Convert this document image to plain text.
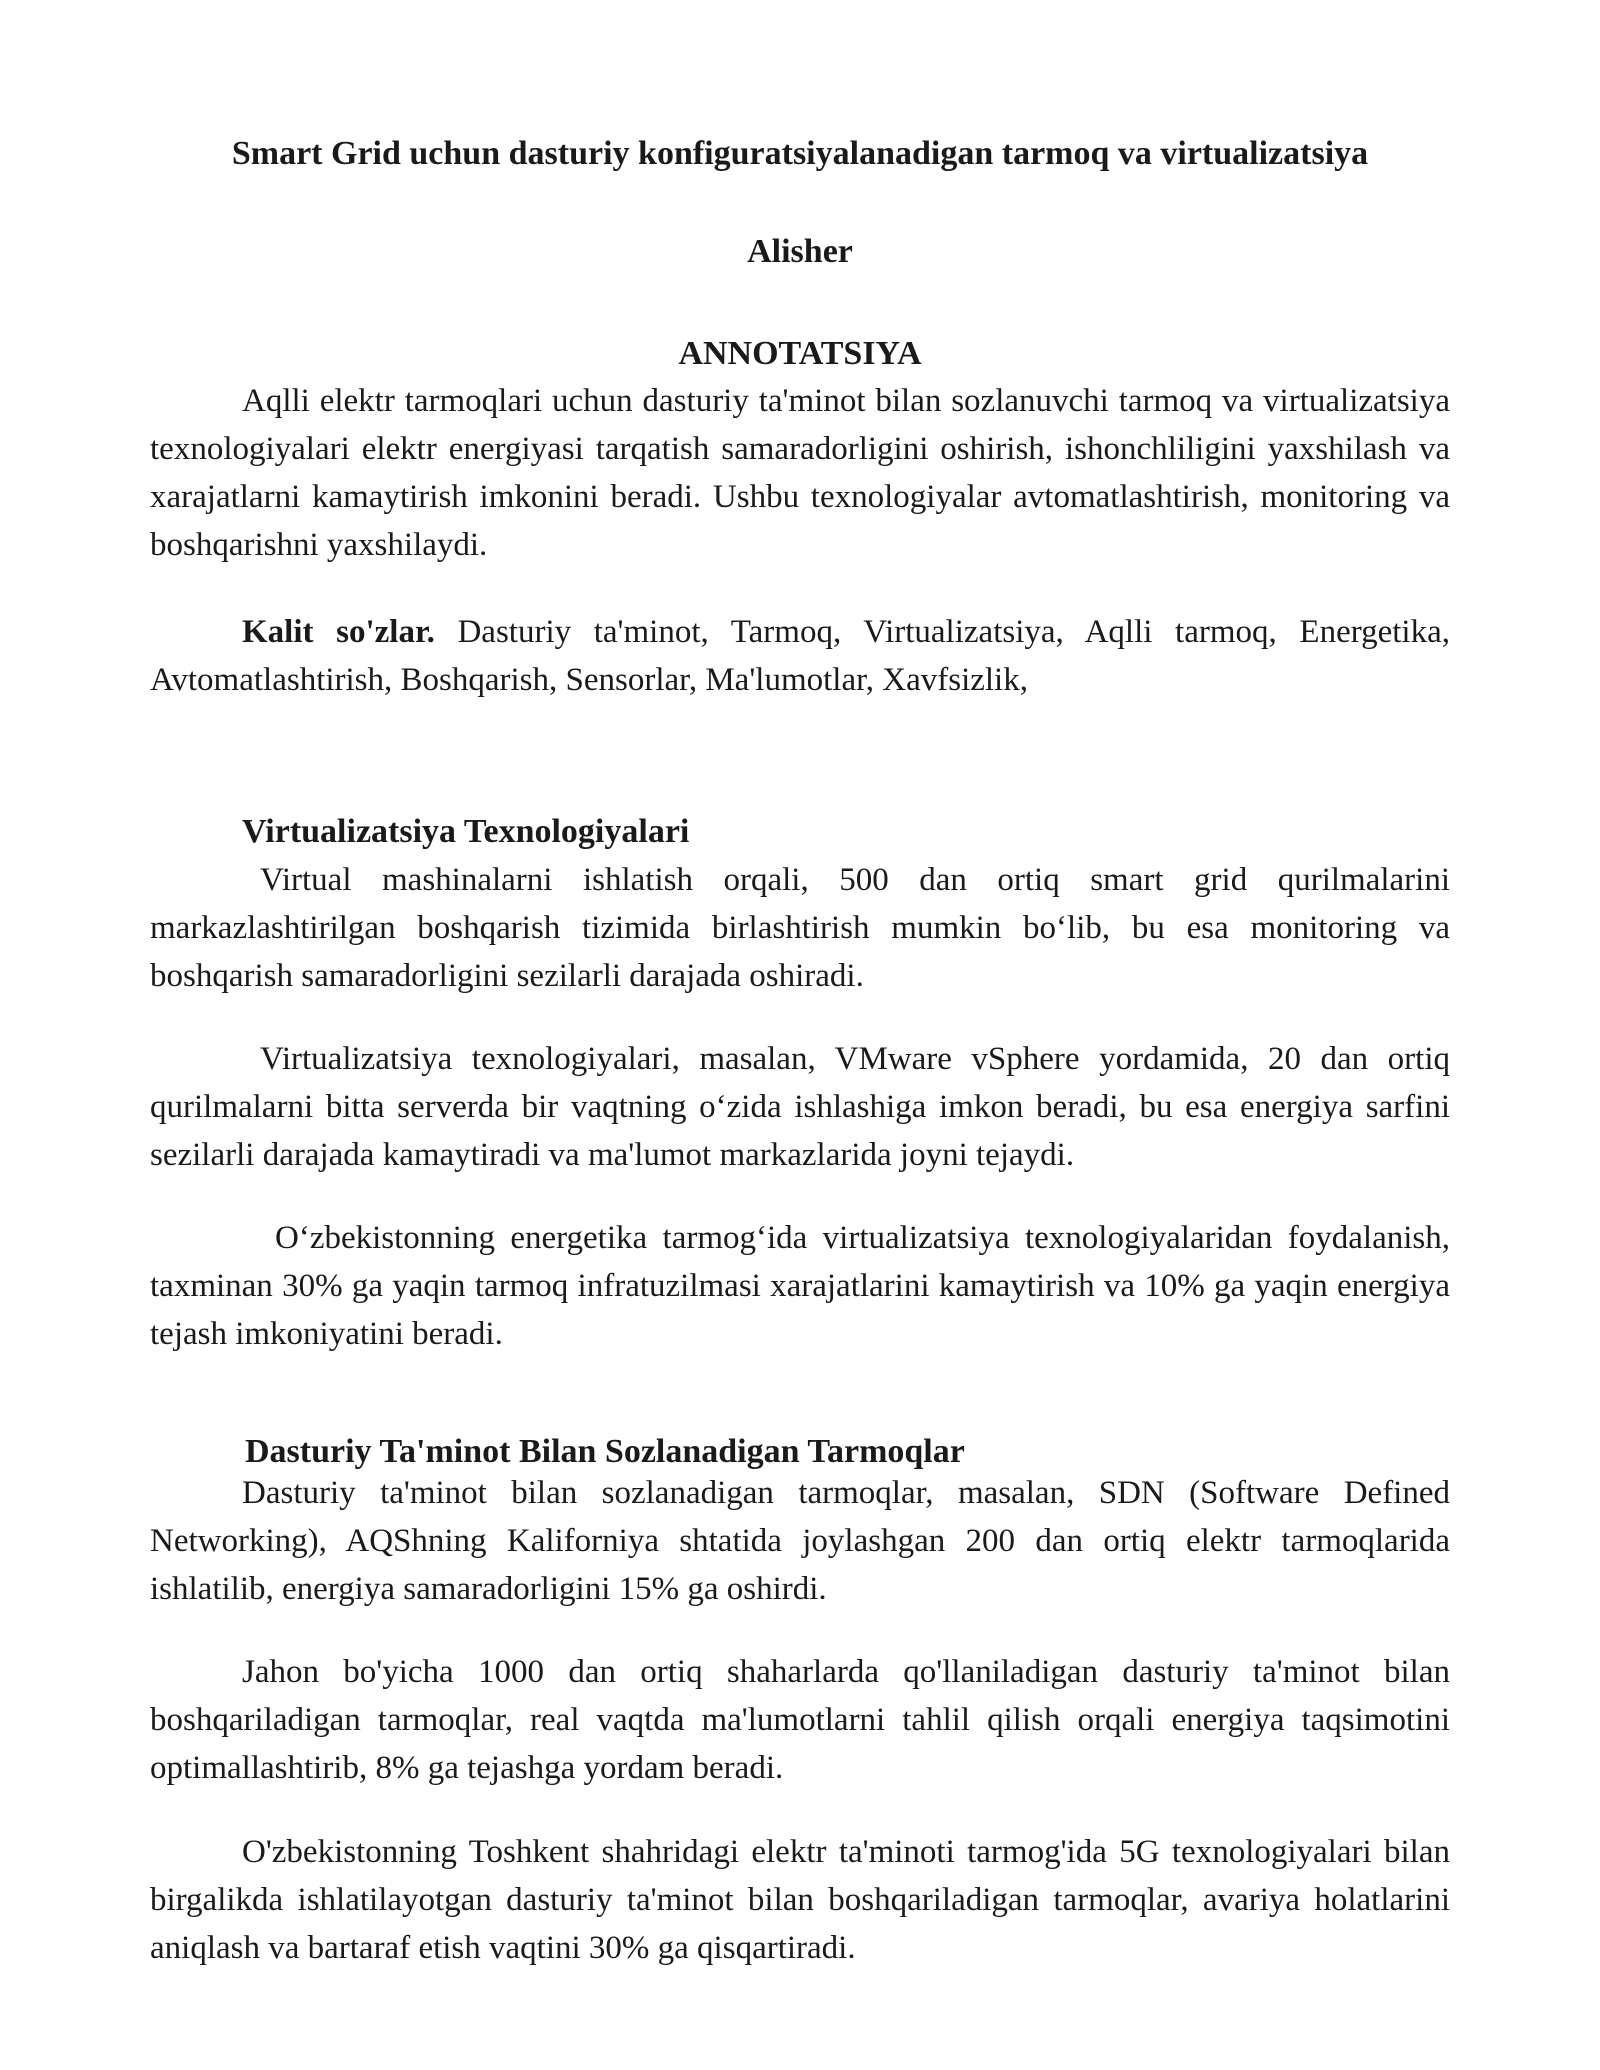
Smart Grid uchun dasturiy konfiguratsiyalanadigan tarmoq va virtualizatsiya
Alisher
ANNOTATSIYA

Aqlli elektr tarmoqlari uchun dasturiy ta'minot bilan sozlanuvchi tarmoq va virtualizatsiya texnologiyalari elektr energiyasi tarqatish samaradorligini oshirish, ishonchliligini yaxshilash va xarajatlarni kamaytirish imkonini beradi. Ushbu texnologiyalar avtomatlashtirish, monitoring va boshqarishni yaxshilaydi.

Kalit so'zlar. Dasturiy ta'minot, Tarmoq, Virtualizatsiya, Aqlli tarmoq, Energetika, Avtomatlashtirish, Boshqarish, Sensorlar, Ma'lumotlar, Xavfsizlik,

Virtualizatsiya Texnologiyalari

Virtual mashinalarni ishlatish orqali, 500 dan ortiq smart grid qurilmalarini markazlashtirilgan boshqarish tizimida birlashtirish mumkin bo‘lib, bu esa monitoring va boshqarish samaradorligini sezilarli darajada oshiradi.

Virtualizatsiya texnologiyalari, masalan, VMware vSphere yordamida, 20 dan ortiq qurilmalarni bitta serverda bir vaqtning o‘zida ishlashiga imkon beradi, bu esa energiya sarfini sezilarli darajada kamaytiradi va ma'lumot markazlarida joyni tejaydi.

O‘zbekistonning energetika tarmog‘ida virtualizatsiya texnologiyalaridan foydalanish, taxminan 30% ga yaqin tarmoq infratuzilmasi xarajatlarini kamaytirish va 10% ga yaqin energiya tejash imkoniyatini beradi.

Dasturiy Ta'minot Bilan Sozlanadigan Tarmoqlar

Dasturiy ta'minot bilan sozlanadigan tarmoqlar, masalan, SDN (Software Defined Networking), AQShning Kaliforniya shtatida joylashgan 200 dan ortiq elektr tarmoqlarida ishlatilib, energiya samaradorligini 15% ga oshirdi.

Jahon bo'yicha 1000 dan ortiq shaharlarda qo'llaniladigan dasturiy ta'minot bilan boshqariladigan tarmoqlar, real vaqtda ma'lumotlarni tahlil qilish orqali energiya taqsimotini optimallashtirib, 8% ga tejashga yordam beradi.

O'zbekistonning Toshkent shahridagi elektr ta'minoti tarmog'ida 5G texnologiyalari bilan birgalikda ishlatilayotgan dasturiy ta'minot bilan boshqariladigan tarmoqlar, avariya holatlarini aniqlash va bartaraf etish vaqtini 30% ga qisqartiradi.
